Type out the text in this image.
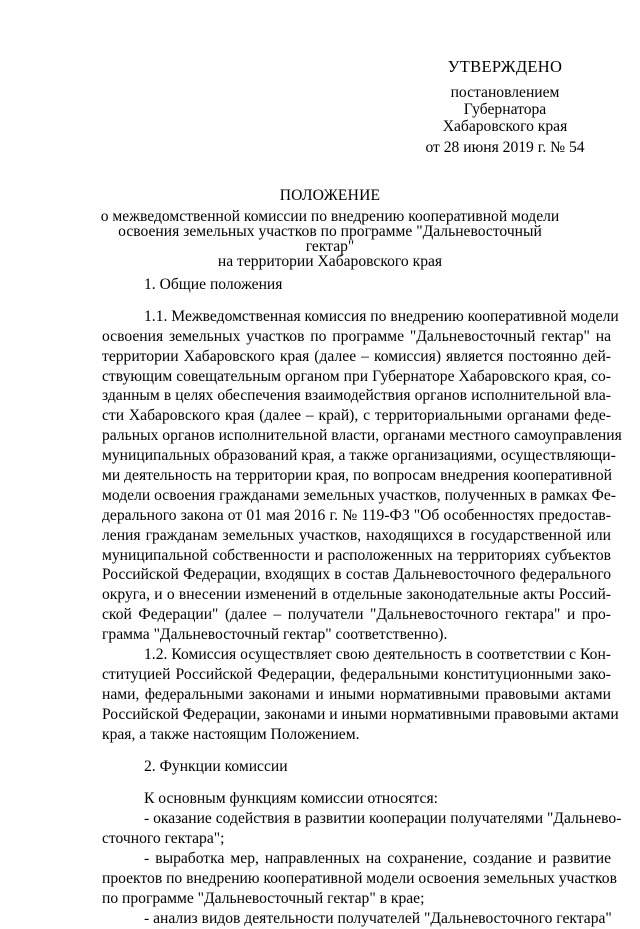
УТВЕРЖДЕНО
постановлением
Губернатора
Хабаровского края
от 28 июня 2019 г. № 54
ПОЛОЖЕНИЕ
о межведомственной комиссии по внедрению кооперативной модели
освоения земельных участков по программе "Дальневосточный гектар"
на территории Хабаровского края
1. Общие положения

1.1. Межведомственная комиссия по внедрению кооперативной модели

освоения земельных участков по программе "Дальневосточный гектар" на

территории Хабаровского края (далее – комиссия) является постоянно дей-

ствующим совещательным органом при Губернаторе Хабаровского края, со-

зданным в целях обеспечения взаимодействия органов исполнительной вла-

сти Хабаровского края (далее – край), с территориальными органами феде-

ральных органов исполнительной власти, органами местного самоуправления

муниципальных образований края, а также организациями, осуществляющи-

ми деятельность на территории края, по вопросам внедрения кооперативной

модели освоения гражданами земельных участков, полученных в рамках Фе-

дерального закона от 01 мая 2016 г. № 119-ФЗ "Об особенностях предостав-

ления гражданам земельных участков, находящихся в государственной или

муниципальной собственности и расположенных на территориях субъектов

Российской Федерации, входящих в состав Дальневосточного федерального

округа, и о внесении изменений в отдельные законодательные акты Россий-

ской Федерации" (далее – получатели "Дальневосточного гектара" и про-

грамма "Дальневосточный гектар" соответственно).

1.2. Комиссия осуществляет свою деятельность в соответствии с Кон-

ституцией Российской Федерации, федеральными конституционными зако-

нами, федеральными законами и иными нормативными правовыми актами

Российской Федерации, законами и иными нормативными правовыми актами

края, а также настоящим Положением.

2. Функции комиссии

К основным функциям комиссии относятся:

- оказание содействия в развитии кооперации получателями "Дальнево-

сточного гектара";

- выработка мер, направленных на сохранение, создание и развитие

проектов по внедрению кооперативной модели освоения земельных участков

по программе "Дальневосточный гектар" в крае;

- анализ видов деятельности получателей "Дальневосточного гектара"
